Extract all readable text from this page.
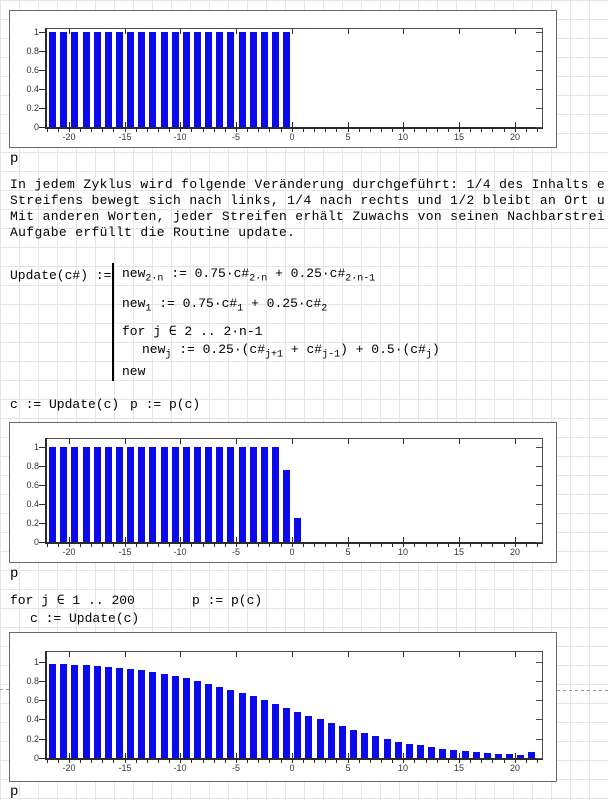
-20	-15	-10	-5	0	5	10	15	20
0
0.2
0.4
0.6
0.8
1
p
In jedem Zyklus wird folgende Veränderung durchgeführt: 1/4 des Inhalts e
Streifens bewegt sich nach links, 1/4 nach rechts und 1/2 bleibt an Ort u
Mit anderen Worten, jeder Streifen erhält Zuwachs von seinen Nachbarstrei
Aufgabe erfüllt die Routine update.
Update(c#) := new$_{2\cdot n}$ := $0.75\cdot c\#_{2\cdot n}$ + $0.25\cdot c\#_{2\cdot n-1}$
new$_1$ := $0.75\cdot c\#_1$ + $0.25\cdot c\#_2$
for j ∈ 2 .. 2·n-1
new$_j$ := $0.25\cdot(c\#_{j+1}$ + $c\#_{j-1}$) + $0.5\cdot(c\#_j)$
new
c := Update(c) p := p(c)
-20	-15	-10	-5	0	5	10	15	20
0
0.2
0.4
0.6
0.8
1
p
for j ∈ 1 .. 200	p := p(c)
c := Update(c)
-20	-15	-10	-5	0	5	10	15	20
0
0.2
0.4
0.6
0.8
1
p
